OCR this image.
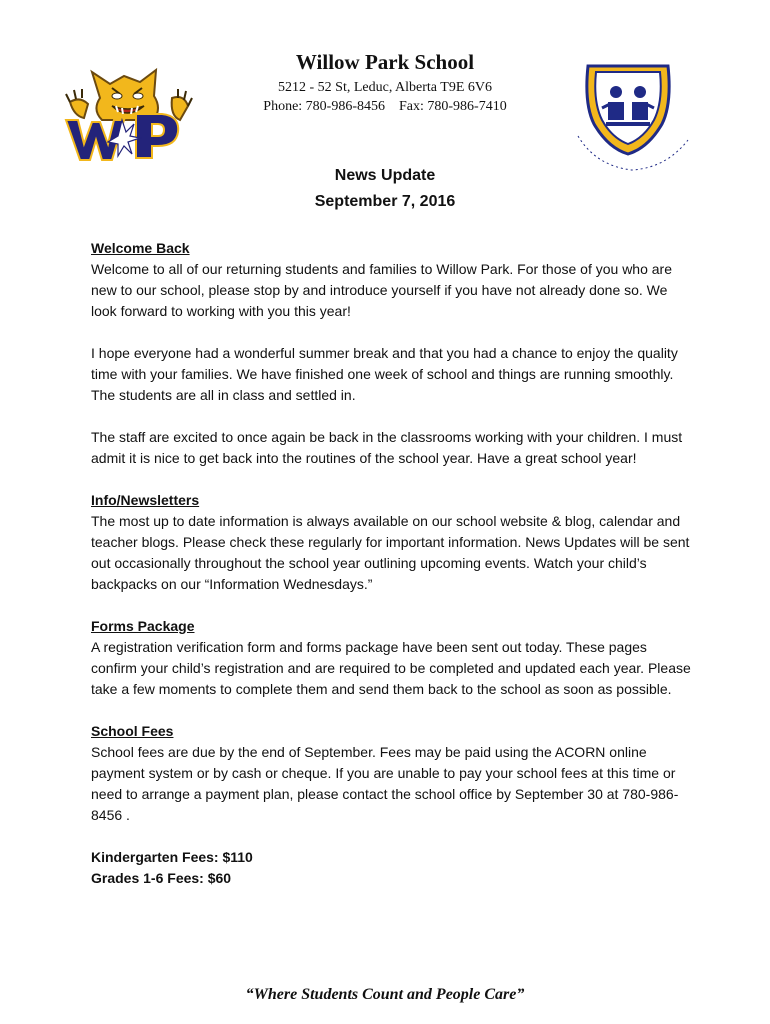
Willow Park School
5212 - 52 St, Leduc, Alberta T9E 6V6
Phone: 780-986-8456 Fax: 780-986-7410
News Update
September 7, 2016
Welcome Back

Welcome to all of our returning students and families to Willow Park. For those of you who are new to our school, please stop by and introduce yourself if you have not already done so. We look forward to working with you this year!

I hope everyone had a wonderful summer break and that you had a chance to enjoy the quality time with your families. We have finished one week of school and things are running smoothly. The students are all in class and settled in.

The staff are excited to once again be back in the classrooms working with your children. I must admit it is nice to get back into the routines of the school year. Have a great school year!

Info/Newsletters

The most up to date information is always available on our school website & blog, calendar and teacher blogs. Please check these regularly for important information. News Updates will be sent out occasionally throughout the school year outlining upcoming events. Watch your child’s backpacks on our “Information Wednesdays.”

Forms Package

A registration verification form and forms package have been sent out today. These pages confirm your child’s registration and are required to be completed and updated each year. Please take a few moments to complete them and send them back to the school as soon as possible.

School Fees

School fees are due by the end of September. Fees may be paid using the ACORN online payment system or by cash or cheque. If you are unable to pay your school fees at this time or need to arrange a payment plan, please contact the school office by September 30 at 780-986-8456 .

Kindergarten Fees: $110

Grades 1-6 Fees: $60

“Where Students Count and People Care”
